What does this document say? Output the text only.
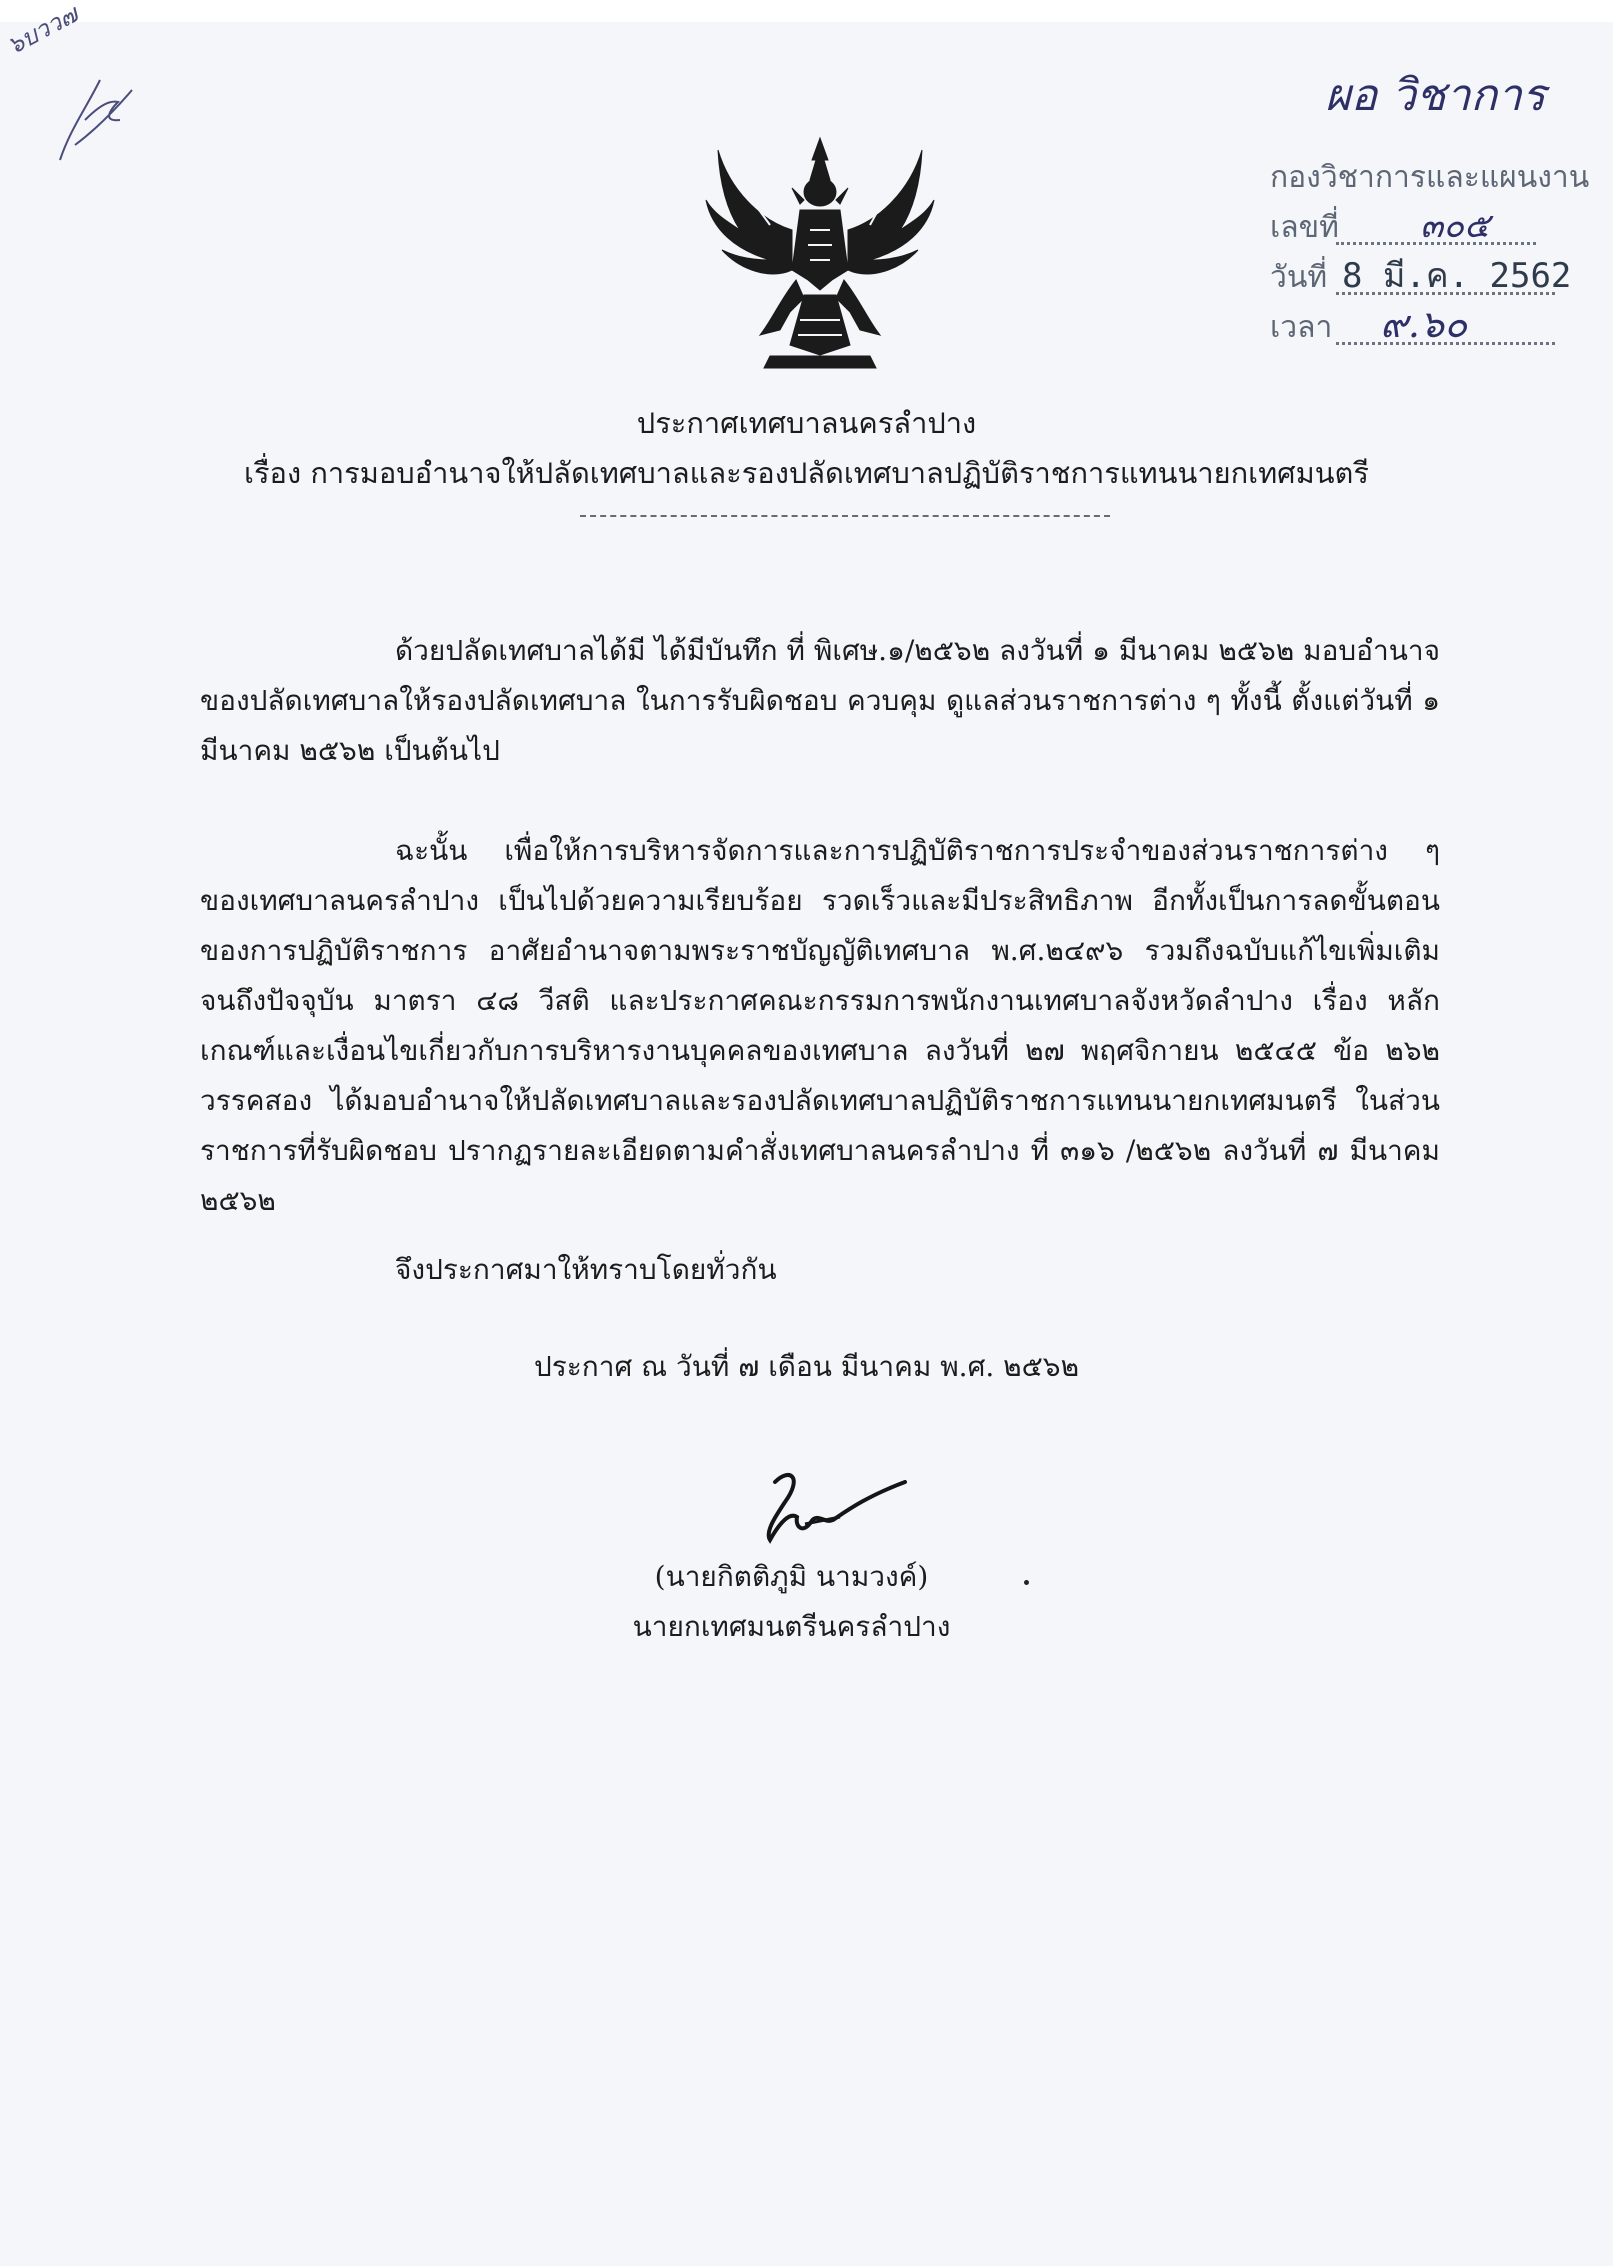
๖บวว๗
ผอ วิชาการ
กองวิชาการและแผนงาน
เลขที่ ๓๐๕
วันที่ 8 มี.ค. 2562
เวลา ๙.๖๐
ประกาศเทศบาลนครลำปาง
เรื่อง การมอบอำนาจให้ปลัดเทศบาลและรองปลัดเทศบาลปฏิบัติราชการแทนนายกเทศมนตรี

ด้วยปลัดเทศบาลได้มี ได้มีบันทึก ที่ พิเศษ.๑/๒๕๖๒ ลงวันที่ ๑ มีนาคม ๒๕๖๒ มอบอำนาจของปลัดเทศบาลให้รองปลัดเทศบาล ในการรับผิดชอบ ควบคุม ดูแลส่วนราชการต่าง ๆ ทั้งนี้ ตั้งแต่วันที่ ๑ มีนาคม ๒๕๖๒ เป็นต้นไป

ฉะนั้น เพื่อให้การบริหารจัดการและการปฏิบัติราชการประจำของส่วนราชการต่าง ๆ ของเทศบาลนครลำปาง เป็นไปด้วยความเรียบร้อย รวดเร็วและมีประสิทธิภาพ อีกทั้งเป็นการลดขั้นตอนของการปฏิบัติราชการ อาศัยอำนาจตามพระราชบัญญัติเทศบาล พ.ศ.๒๔๙๖ รวมถึงฉบับแก้ไขเพิ่มเติมจนถึงปัจจุบัน มาตรา ๔๘ วีสติ และประกาศคณะกรรมการพนักงานเทศบาลจังหวัดลำปาง เรื่อง หลักเกณฑ์และเงื่อนไขเกี่ยวกับการบริหารงานบุคคลของเทศบาล ลงวันที่ ๒๗ พฤศจิกายน ๒๕๔๕ ข้อ ๒๖๒ วรรคสอง ได้มอบอำนาจให้ปลัดเทศบาลและรองปลัดเทศบาลปฏิบัติราชการแทนนายกเทศมนตรี ในส่วนราชการที่รับผิดชอบ ปรากฏรายละเอียดตามคำสั่งเทศบาลนครลำปาง ที่ ๓๑๖ /๒๕๖๒ ลงวันที่ ๗ มีนาคม ๒๕๖๒

จึงประกาศมาให้ทราบโดยทั่วกัน

ประกาศ ณ วันที่ ๗ เดือน มีนาคม พ.ศ. ๒๕๖๒

(นายกิตติภูมิ นามวงค์)
นายกเทศมนตรีนครลำปาง
